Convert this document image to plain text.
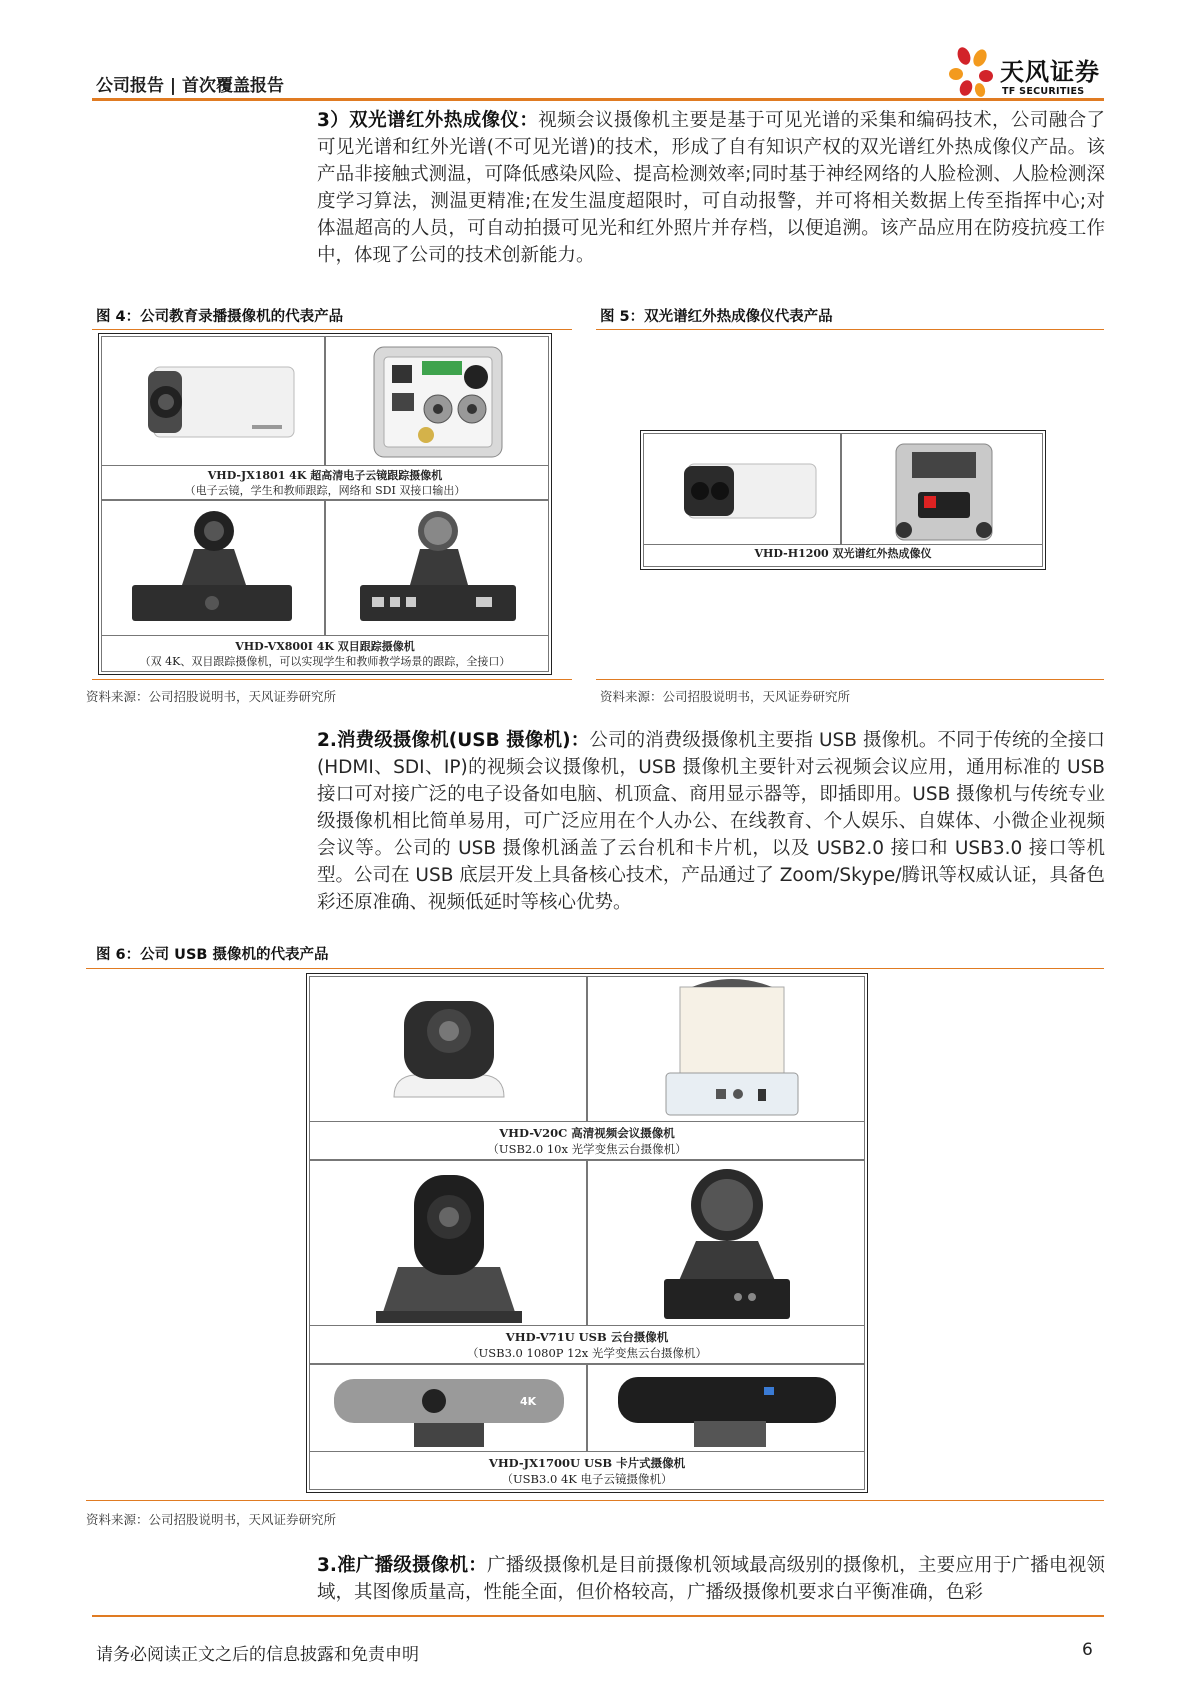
公司报告 | 首次覆盖报告	天风证券
TF SECURITIES
3）双光谱红外热成像仪：视频会议摄像机主要是基于可见光谱的采集和编码技术，公司融合了可见光谱和红外光谱(不可见光谱)的技术，形成了自有知识产权的双光谱红外热成像仪产品。该产品非接触式测温，可降低感染风险、提高检测效率;同时基于神经网络的人脸检测、人脸检测深度学习算法，测温更精准;在发生温度超限时，可自动报警，并可将相关数据上传至指挥中心;对体温超高的人员，可自动拍摄可见光和红外照片并存档，以便追溯。该产品应用在防疫抗疫工作中，体现了公司的技术创新能力。
图 4：公司教育录播摄像机的代表产品
VHD-JX1801 4K 超高清电子云镜跟踪摄像机
（电子云镜，学生和教师跟踪，网络和 SDI 双接口输出）
VHD-VX800I 4K 双目跟踪摄像机
（双 4K、双目跟踪摄像机，可以实现学生和教师教学场景的跟踪，全接口）
资料来源：公司招股说明书，天风证券研究所
图 5：双光谱红外热成像仪代表产品
VHD-H1200 双光谱红外热成像仪
资料来源：公司招股说明书，天风证券研究所
2.消费级摄像机(USB 摄像机)：公司的消费级摄像机主要指 USB 摄像机。不同于传统的全接口(HDMI、SDI、IP)的视频会议摄像机，USB 摄像机主要针对云视频会议应用，通用标准的 USB 接口可对接广泛的电子设备如电脑、机顶盒、商用显示器等，即插即用。USB 摄像机与传统专业级摄像机相比简单易用，可广泛应用在个人办公、在线教育、个人娱乐、自媒体、小微企业视频会议等。公司的 USB 摄像机涵盖了云台机和卡片机，以及 USB2.0 接口和 USB3.0 接口等机型。公司在 USB 底层开发上具备核心技术，产品通过了 Zoom/Skype/腾讯等权威认证，具备色彩还原准确、视频低延时等核心优势。
图 6：公司 USB 摄像机的代表产品
VHD-V20C 高清视频会议摄像机
（USB2.0 10x 光学变焦云台摄像机）
VHD-V71U USB 云台摄像机
（USB3.0 1080P 12x 光学变焦云台摄像机）
4K
VHD-JX1700U USB 卡片式摄像机
（USB3.0 4K 电子云镜摄像机）
资料来源：公司招股说明书，天风证券研究所
3.准广播级摄像机：广播级摄像机是目前摄像机领域最高级别的摄像机，主要应用于广播电视领域，其图像质量高，性能全面，但价格较高，广播级摄像机要求白平衡准确，色彩
请务必阅读正文之后的信息披露和免责申明	6
